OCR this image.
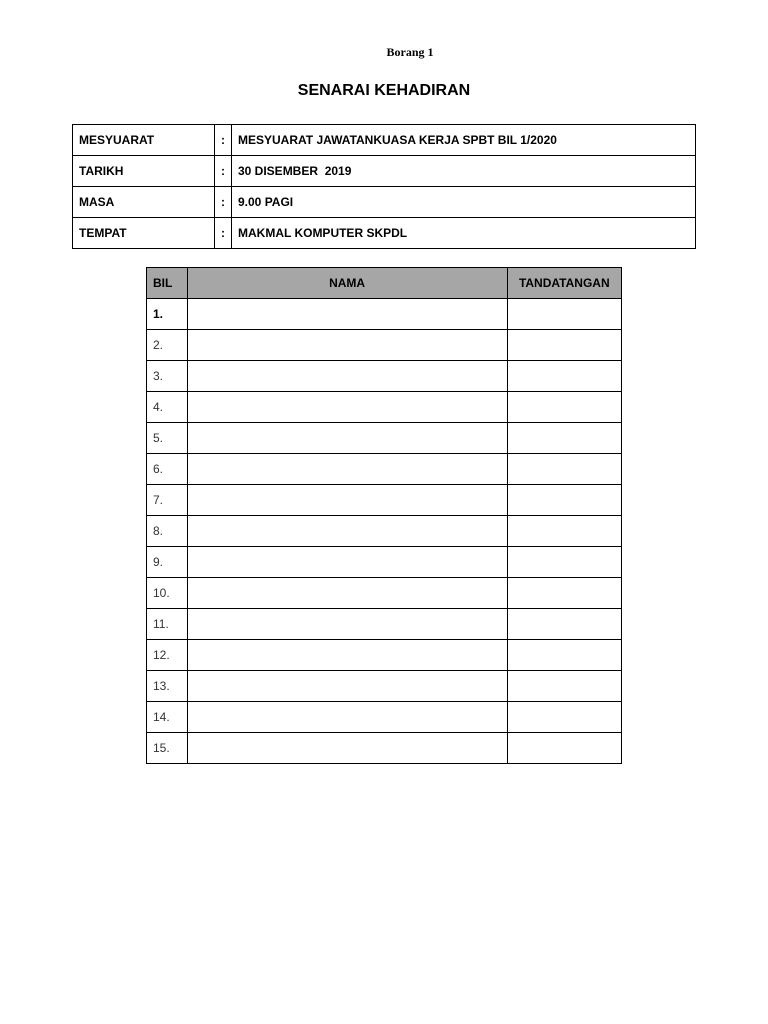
Borang 1
SENARAI KEHADIRAN
MESYUARAT	:	MESYUARAT JAWATANKUASA KERJA SPBT BIL 1/2020
TARIKH	:	30 DISEMBER  2019
MASA	:	9.00 PAGI
TEMPAT	:	MAKMAL KOMPUTER SKPDL
BIL	NAMA	TANDATANGAN
1.		
2.		
3.		
4.		
5.		
6.		
7.		
8.		
9.		
10.		
11.		
12.		
13.		
14.		
15.		
